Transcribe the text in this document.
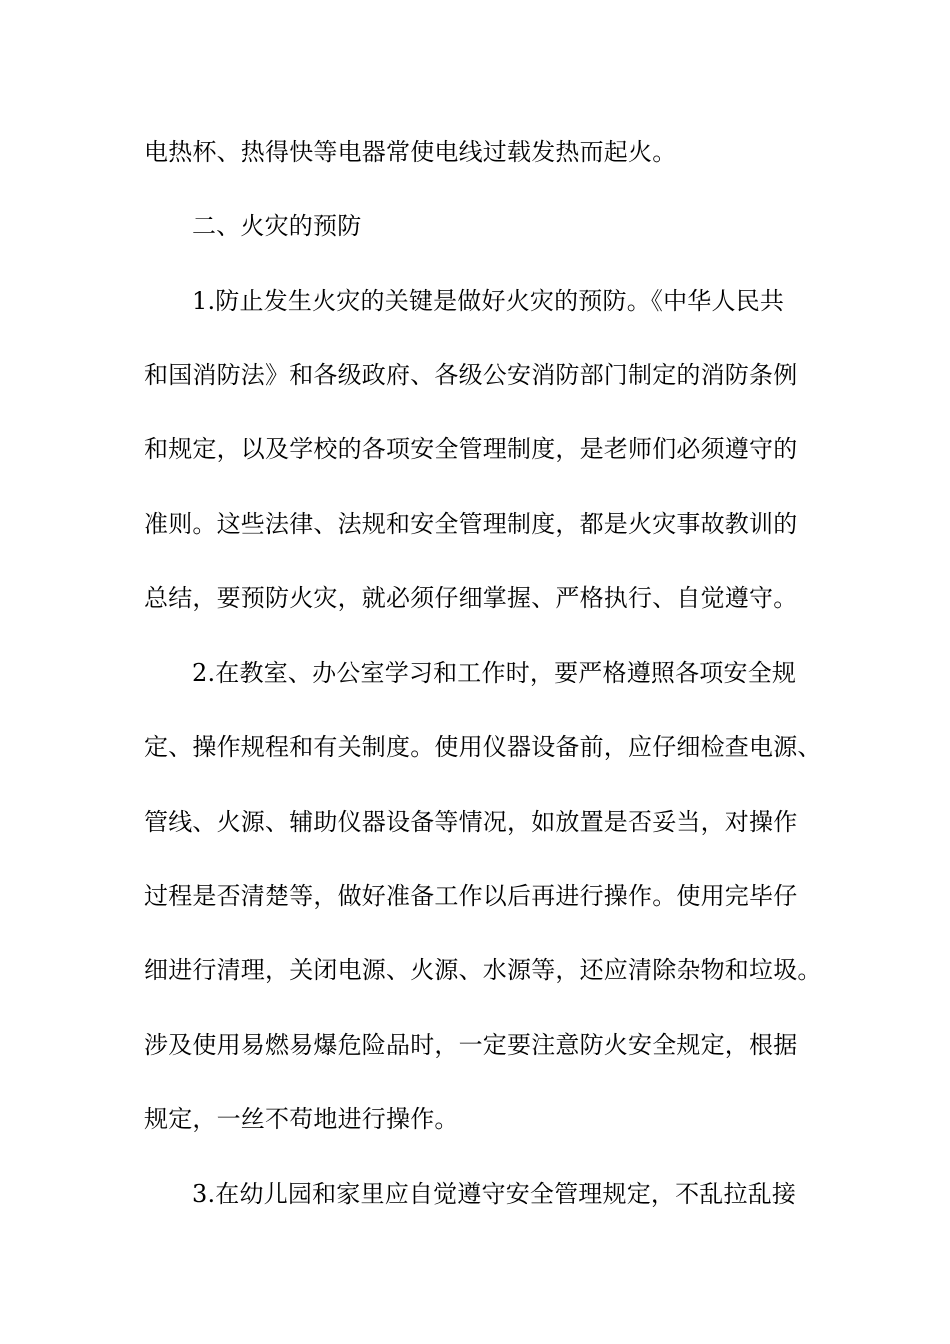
电热杯、热得快等电器常使电线过载发热而起火。
二、火灾的预防
1.防止发生火灾的关键是做好火灾的预防。《中华人民共
和国消防法》和各级政府、各级公安消防部门制定的消防条例
和规定，以及学校的各项安全管理制度，是老师们必须遵守的
准则。这些法律、法规和安全管理制度，都是火灾事故教训的
总结，要预防火灾，就必须仔细掌握、严格执行、自觉遵守。
2.在教室、办公室学习和工作时，要严格遵照各项安全规
定、操作规程和有关制度。使用仪器设备前，应仔细检查电源、
管线、火源、辅助仪器设备等情况，如放置是否妥当，对操作
过程是否清楚等，做好准备工作以后再进行操作。使用完毕仔
细进行清理，关闭电源、火源、水源等，还应清除杂物和垃圾。
涉及使用易燃易爆危险品时，一定要注意防火安全规定，根据
规定，一丝不苟地进行操作。
3.在幼儿园和家里应自觉遵守安全管理规定，不乱拉乱接
